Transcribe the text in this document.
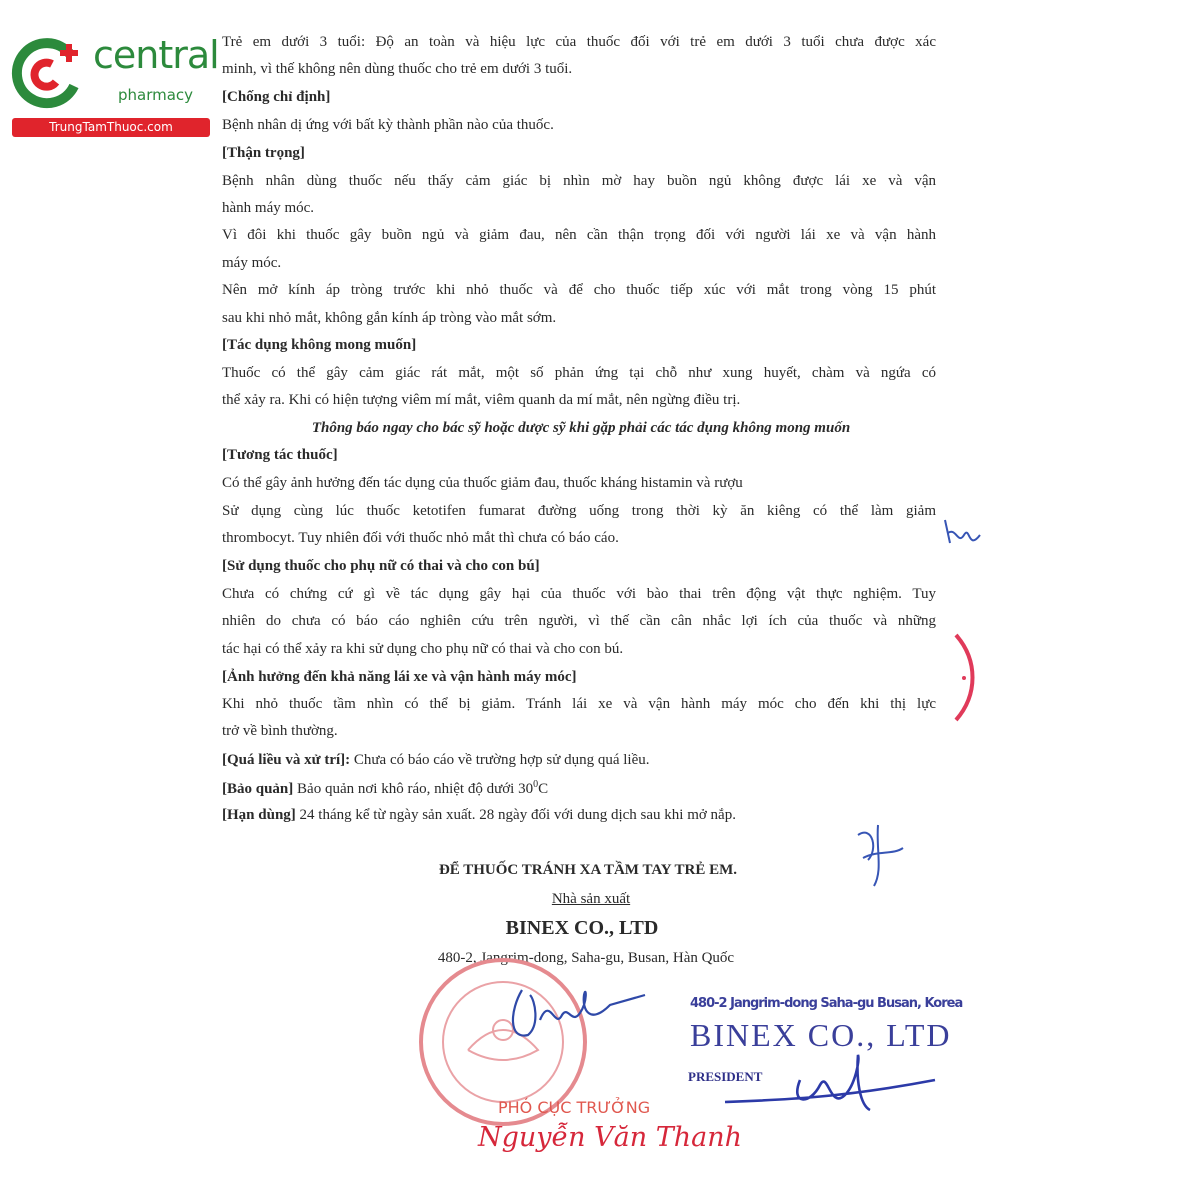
central
pharmacy
TrungTamThuoc.com
Trẻ em dưới 3 tuổi: Độ an toàn và hiệu lực của thuốc đối với trẻ em dưới 3 tuổi chưa được xác
minh, vì thế không nên dùng thuốc cho trẻ em dưới 3 tuổi.
[Chống chỉ định]
Bệnh nhân dị ứng với bất kỳ thành phần nào của thuốc.
[Thận trọng]
Bệnh nhân dùng thuốc nếu thấy cảm giác bị nhìn mờ hay buồn ngủ không được lái xe và vận
hành máy móc.
Vì đôi khi thuốc gây buồn ngủ và giảm đau, nên cần thận trọng đối với người lái xe và vận hành
máy móc.
Nên mở kính áp tròng trước khi nhỏ thuốc và để cho thuốc tiếp xúc với mắt trong vòng 15 phút
sau khi nhỏ mắt, không gắn kính áp tròng vào mắt sớm.
[Tác dụng không mong muốn]
Thuốc có thể gây cảm giác rát mắt, một số phản ứng tại chỗ như xung huyết, chàm và ngứa có
thể xảy ra. Khi có hiện tượng viêm mí mắt, viêm quanh da mí mắt, nên ngừng điều trị.
Thông báo ngay cho bác sỹ hoặc dược sỹ khi gặp phải các tác dụng không mong muốn
[Tương tác thuốc]
Có thể gây ảnh hưởng đến tác dụng của thuốc giảm đau, thuốc kháng histamin và rượu
Sử dụng cùng lúc thuốc ketotifen fumarat đường uống trong thời kỳ ăn kiêng có thể làm giảm
thrombocyt. Tuy nhiên đối với thuốc nhỏ mắt thì chưa có báo cáo.
[Sử dụng thuốc cho phụ nữ có thai và cho con bú]
Chưa có chứng cứ gì về tác dụng gây hại của thuốc với bào thai trên động vật thực nghiệm. Tuy
nhiên do chưa có báo cáo nghiên cứu trên người, vì thế cần cân nhắc lợi ích của thuốc và những
tác hại có thể xảy ra khi sử dụng cho phụ nữ có thai và cho con bú.
[Ảnh hưởng đến khả năng lái xe và vận hành máy móc]
Khi nhỏ thuốc tầm nhìn có thể bị giảm. Tránh lái xe và vận hành máy móc cho đến khi thị lực
trở về bình thường.
[Quá liều và xử trí]: Chưa có báo cáo về trường hợp sử dụng quá liều.
[Bảo quản] Bảo quản nơi khô ráo, nhiệt độ dưới $30^0C$
[Hạn dùng] 24 tháng kể từ ngày sản xuất. 28 ngày đối với dung dịch sau khi mở nắp.
ĐỂ THUỐC TRÁNH XA TẦM TAY TRẺ EM.
Nhà sản xuất
BINEX CO., LTD
480-2, Jangrim-dong, Saha-gu, Busan, Hàn Quốc
PHÓ CỤC TRƯỞNG
Nguyễn Văn Thanh
480-2 Jangrim-dong Saha-gu Busan, Korea
BINEX CO., LTD
PRESIDENT
